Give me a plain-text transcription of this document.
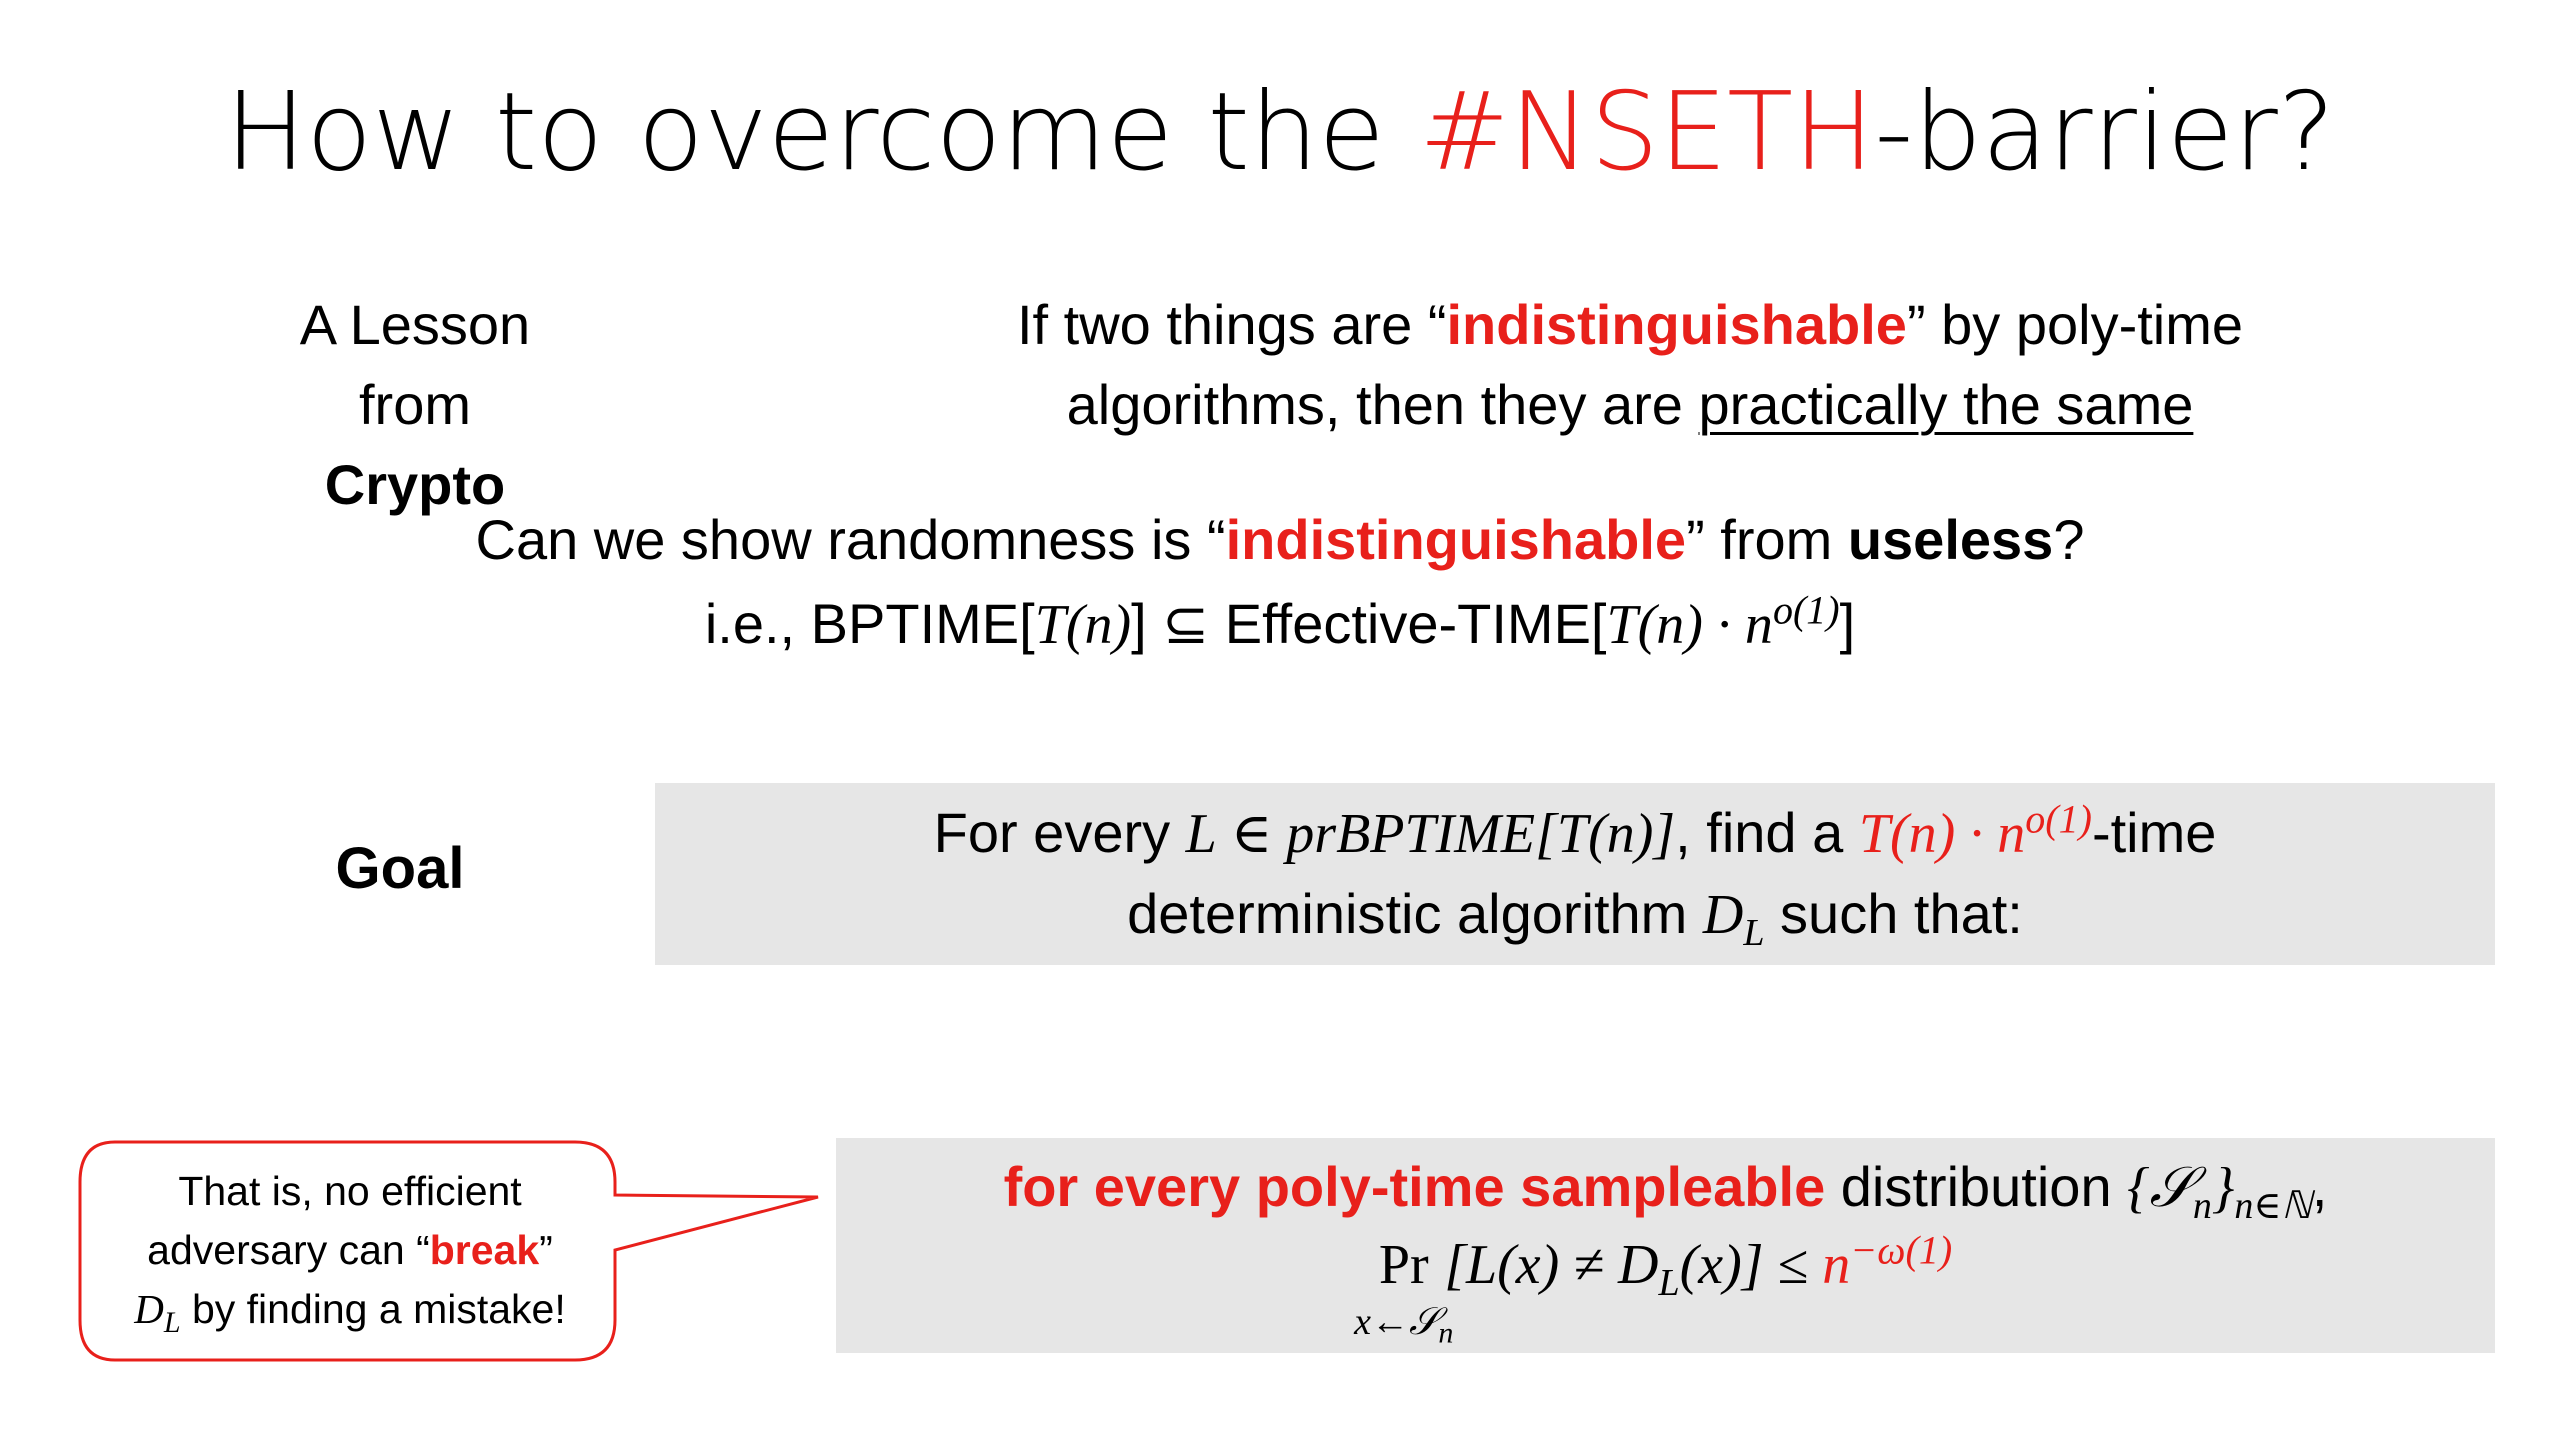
How to overcome the #NSETH-barrier?
A Lesson from
Crypto
If two things are “indistinguishable” by poly-time
algorithms, then they are practically the same
Can we show randomness is “indistinguishable” from useless?
i.e., BPTIME[T(n)] ⊆ Effective-TIME[T(n) · $n^{o(1)}$]
Goal
For every L ∈ prBPTIME[T(n)], find a $T(n) \cdot n^{o(1)}$-time
deterministic algorithm $D_L$ such that:
for every poly-time sampleable distribution $\{𝒮_n\}_{n\in ℕ}$,
Pr
x←𝒮$_n$
$[L(x) \ne D_L(x)] \le n^{-\omega(1)}$
That is, no efficient
adversary can “break”
$D_L$ by finding a mistake!
